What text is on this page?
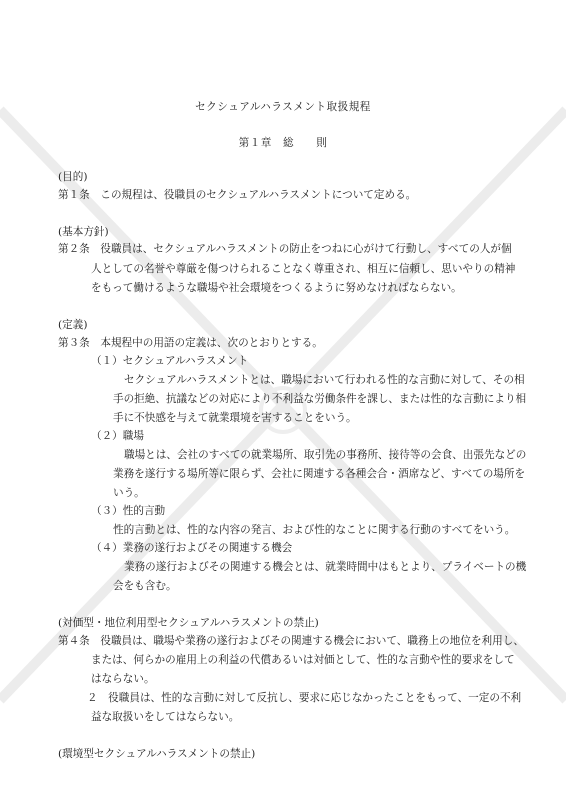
セクシュアルハラスメント取扱規程
第１章　総　　則
(目的)
第１条　この規程は、役職員のセクシュアルハラスメントについて定める。
(基本方針)
第２条　役職員は、セクシュアルハラスメントの防止をつねに心がけて行動し、すべての人が個
人としての名誉や尊厳を傷つけられることなく尊重され、相互に信頼し、思いやりの精神
をもって働けるような職場や社会環境をつくるように努めなければならない。
(定義)
第３条　本規程中の用語の定義は、次のとおりとする。
（１）セクシュアルハラスメント
セクシュアルハラスメントとは、職場において行われる性的な言動に対して、その相
手の拒絶、抗議などの対応により不利益な労働条件を課し、または性的な言動により相
手に不快感を与えて就業環境を害することをいう。
（２）職場
職場とは、会社のすべての就業場所、取引先の事務所、接待等の会食、出張先などの
業務を遂行する場所等に限らず、会社に関連する各種会合・酒席など、すべての場所を
いう。
（３）性的言動
性的言動とは、性的な内容の発言、および性的なことに関する行動のすべてをいう。
（４）業務の遂行およびその関連する機会
業務の遂行およびその関連する機会とは、就業時間中はもとより、プライベートの機
会をも含む。
(対価型・地位利用型セクシュアルハラスメントの禁止)
第４条　役職員は、職場や業務の遂行およびその関連する機会において、職務上の地位を利用し、
または、何らかの雇用上の利益の代償あるいは対価として、性的な言動や性的要求をして
はならない。
２　役職員は、性的な言動に対して反抗し、要求に応じなかったことをもって、一定の不利
益な取扱いをしてはならない。
(環境型セクシュアルハラスメントの禁止)
